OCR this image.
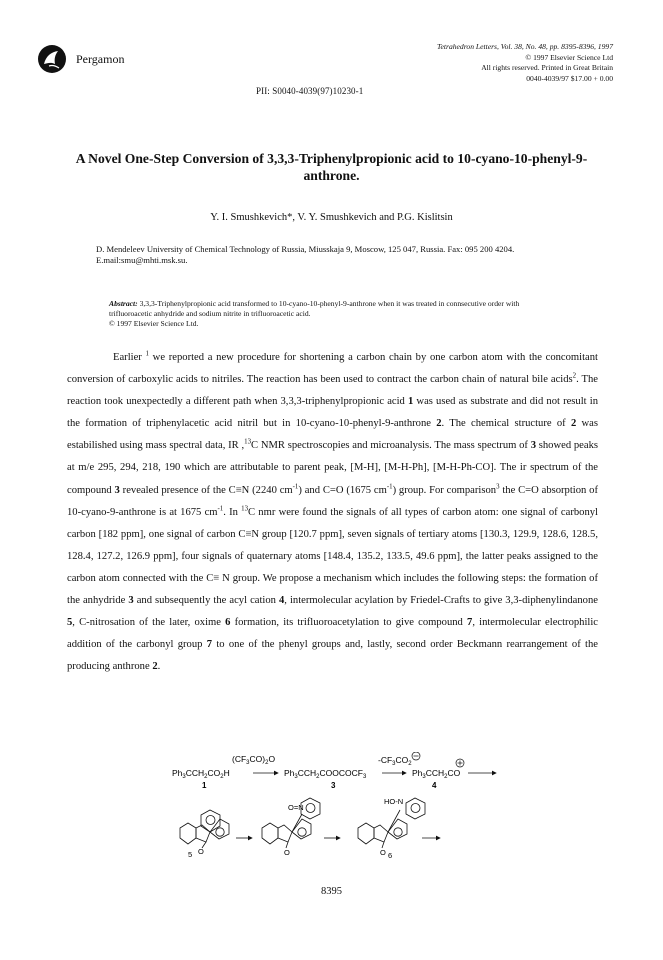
Pergamon
Tetrahedron Letters, Vol. 38, No. 48, pp. 8395-8396, 1997
© 1997 Elsevier Science Ltd
All rights reserved. Printed in Great Britain
0040-4039/97 $17.00 + 0.00
PII: S0040-4039(97)10230-1
A Novel One-Step Conversion of 3,3,3-Triphenylpropionic acid to 10-cyano-10-phenyl-9-anthrone.
Y. I. Smushkevich*, V. Y. Smushkevich and P.G. Kislitsin
D. Mendeleev University of Chemical Technology of Russia, Miusskaja 9, Moscow, 125 047, Russia. Fax: 095 200 4204. E.mail:smu@mhti.msk.su.
Abstract: 3,3,3-Triphenylpropionic acid transformed to 10-cyano-10-phenyl-9-anthrone when it was treated in connsecutive order with trifluoroacetic anhydride and sodium nitrite in trifluoroacetic acid.
© 1997 Elsevier Science Ltd.

Earlier $^1$ we reported a new procedure for shortening a carbon chain by one carbon atom with the concomitant conversion of carboxylic acids to nitriles. The reaction has been used to contract the carbon chain of natural bile acids$^2$. The reaction took unexpectedly a different path when 3,3,3-triphenylpropionic acid 1 was used as substrate and did not result in the formation of triphenylacetic acid nitril but in 10-cyano-10-phenyl-9-anthrone 2. The chemical structure of 2 was estabilished using mass spectral data, IR ,$^{13}$C NMR spectroscopies and microanalysis. The mass spectrum of 3 showed peaks at m/e 295, 294, 218, 190 which are attributable to parent peak, [M-H], [M-H-Ph], [M-H-Ph-CO]. The ir spectrum of the compound 3 revealed presence of the C≡N (2240 $cm^{-1}$) and C=O (1675 $cm^{-1}$) group. For comparison$^3$ the C=O absorption of 10-cyano-9-anthrone is at 1675 $cm^{-1}$. In $^{13}$C nmr were found the signals of all types of carbon atom: one signal of carbonyl carbon [182 ppm], one signal of carbon C≡N group [120.7 ppm], seven signals of tertiary atoms [130.3, 129.9, 128.6, 128.5, 128.4, 127.2, 126.9 ppm], four signals of quaternary atoms [148.4, 135.2, 133.5, 49.6 ppm], the latter peaks assigned to the carbon atom connected with the C≡ N group. We propose a mechanism which includes the following steps: the formation of the anhydride 3 and subsequently the acyl cation 4, intermolecular acylation by Friedel-Crafts to give 3,3-diphenylindanone 5, C-nitrosation of the later, oxime 6 formation, its trifluoroacetylation to give compound 7, intermolecular electrophilic addition of the carbonyl group 7 to one of the phenyl groups and, lastly, second order Beckmann rearrangement of the producing anthrone 2.

$(CF_3CO)_2O$
$Ph_3CCH_2CO_2H$
1
$Ph_3CCH_2COOCOCF_3$
3
$-CF_3CO_2$
$Ph_3CCH_2CO$
4
5 O
O=N
O
HO-N
O 6
8395
